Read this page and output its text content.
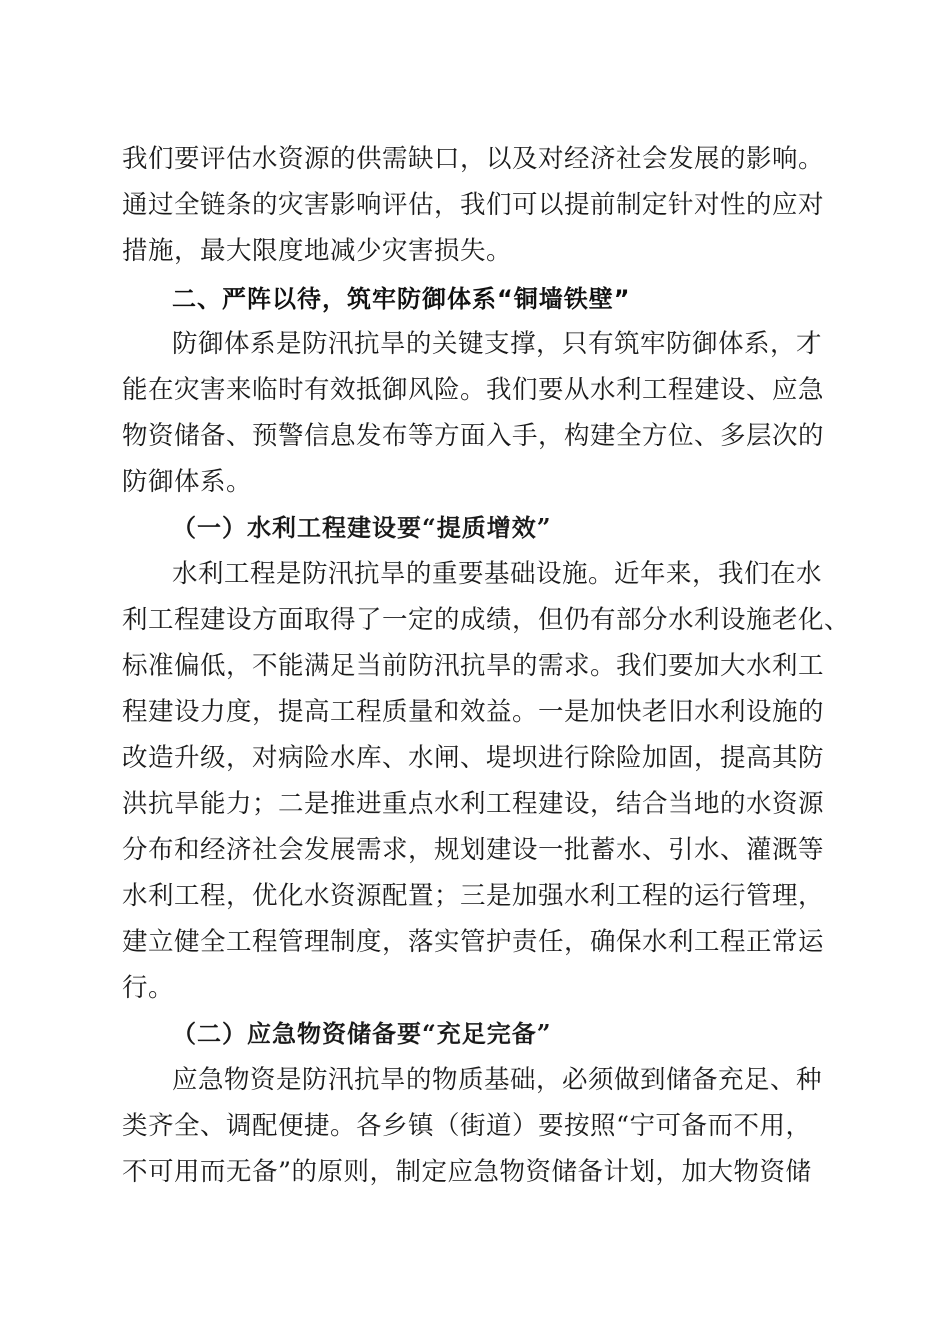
我们要评估水资源的供需缺口，以及对经济社会发展的影响。
通过全链条的灾害影响评估，我们可以提前制定针对性的应对
措施，最大限度地减少灾害损失。
二、严阵以待，筑牢防御体系“铜墙铁壁”
防御体系是防汛抗旱的关键支撑，只有筑牢防御体系，才
能在灾害来临时有效抵御风险。我们要从水利工程建设、应急
物资储备、预警信息发布等方面入手，构建全方位、多层次的
防御体系。
（一）水利工程建设要“提质增效”
水利工程是防汛抗旱的重要基础设施。近年来，我们在水
利工程建设方面取得了一定的成绩，但仍有部分水利设施老化、
标准偏低，不能满足当前防汛抗旱的需求。我们要加大水利工
程建设力度，提高工程质量和效益。一是加快老旧水利设施的
改造升级，对病险水库、水闸、堤坝进行除险加固，提高其防
洪抗旱能力；二是推进重点水利工程建设，结合当地的水资源
分布和经济社会发展需求，规划建设一批蓄水、引水、灌溉等
水利工程，优化水资源配置；三是加强水利工程的运行管理，
建立健全工程管理制度，落实管护责任，确保水利工程正常运
行。
（二）应急物资储备要“充足完备”
应急物资是防汛抗旱的物质基础，必须做到储备充足、种
类齐全、调配便捷。各乡镇（街道）要按照“宁可备而不用，
不可用而无备”的原则，制定应急物资储备计划，加大物资储
